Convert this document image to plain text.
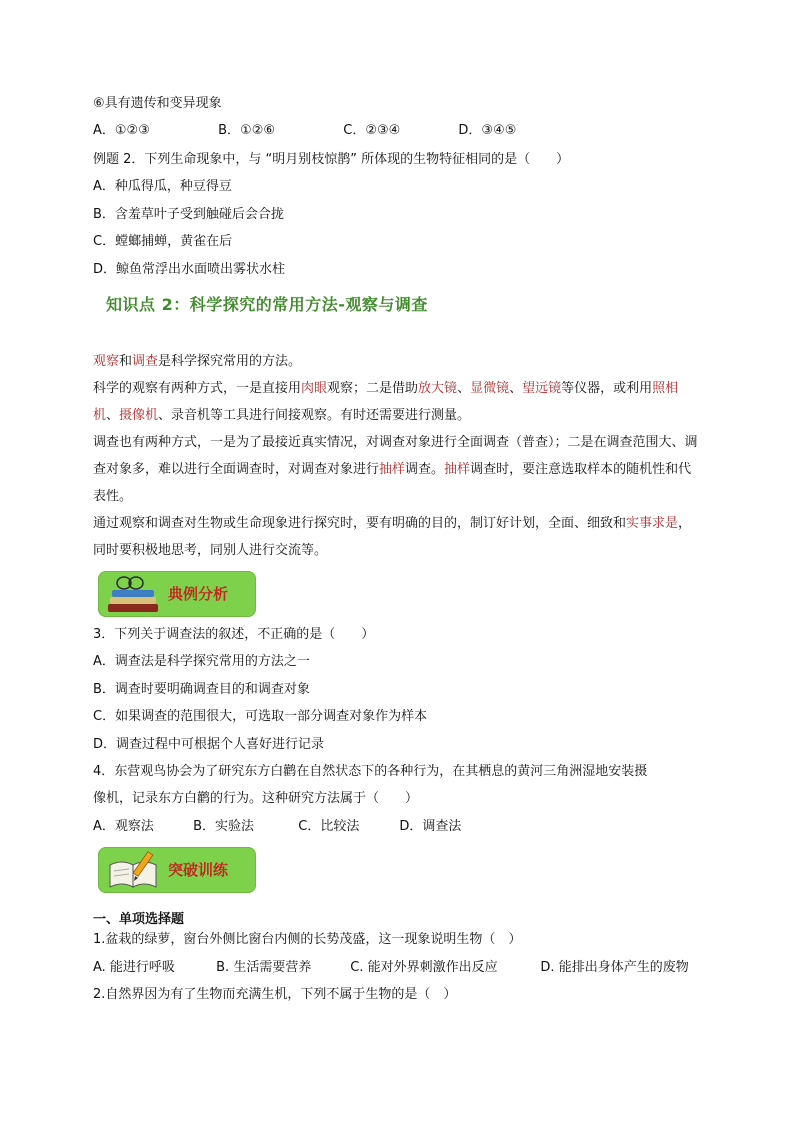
⑥具有遗传和变异现象
A．①②③	B．①②⑥	C．②③④	D．③④⑤
例题 2．下列生命现象中，与 “明月别枝惊鹊” 所体现的生物特征相同的是（　　）
A．种瓜得瓜，种豆得豆
B．含羞草叶子受到触碰后会合拢
C．螳螂捕蝉，黄雀在后
D．鲸鱼常浮出水面喷出雾状水柱
知识点 2：科学探究的常用方法-观察与调查
观察和调查是科学探究常用的方法。
科学的观察有两种方式，一是直接用肉眼观察；二是借助放大镜、显微镜、望远镜等仪器，或利用照相机、摄像机、录音机等工具进行间接观察。有时还需要进行测量。
调查也有两种方式，一是为了最接近真实情况，对调查对象进行全面调查（普查）；二是在调查范围大、调查对象多，难以进行全面调查时，对调查对象进行抽样调查。抽样调查时，要注意选取样本的随机性和代表性。
通过观察和调查对生物或生命现象进行探究时，要有明确的目的，制订好计划，全面、细致和实事求是，同时要积极地思考，同别人进行交流等。
典例分析
3．下列关于调查法的叙述，不正确的是（　　）
A．调查法是科学探究常用的方法之一
B．调查时要明确调查目的和调查对象
C．如果调查的范围很大，可选取一部分调查对象作为样本
D．调查过程中可根据个人喜好进行记录
4．东营观鸟协会为了研究东方白鹳在自然状态下的各种行为，在其栖息的黄河三角洲湿地安装摄
像机，记录东方白鹳的行为。这种研究方法属于（　　）
A．观察法	B．实验法	C．比较法	D．调查法
突破训练
一、单项选择题
1.盆栽的绿萝，窗台外侧比窗台内侧的长势茂盛，这一现象说明生物（　）
A. 能进行呼吸	B. 生活需要营养	C. 能对外界刺激作出反应	D. 能排出身体产生的废物
2.自然界因为有了生物而充满生机，下列不属于生物的是（　）
